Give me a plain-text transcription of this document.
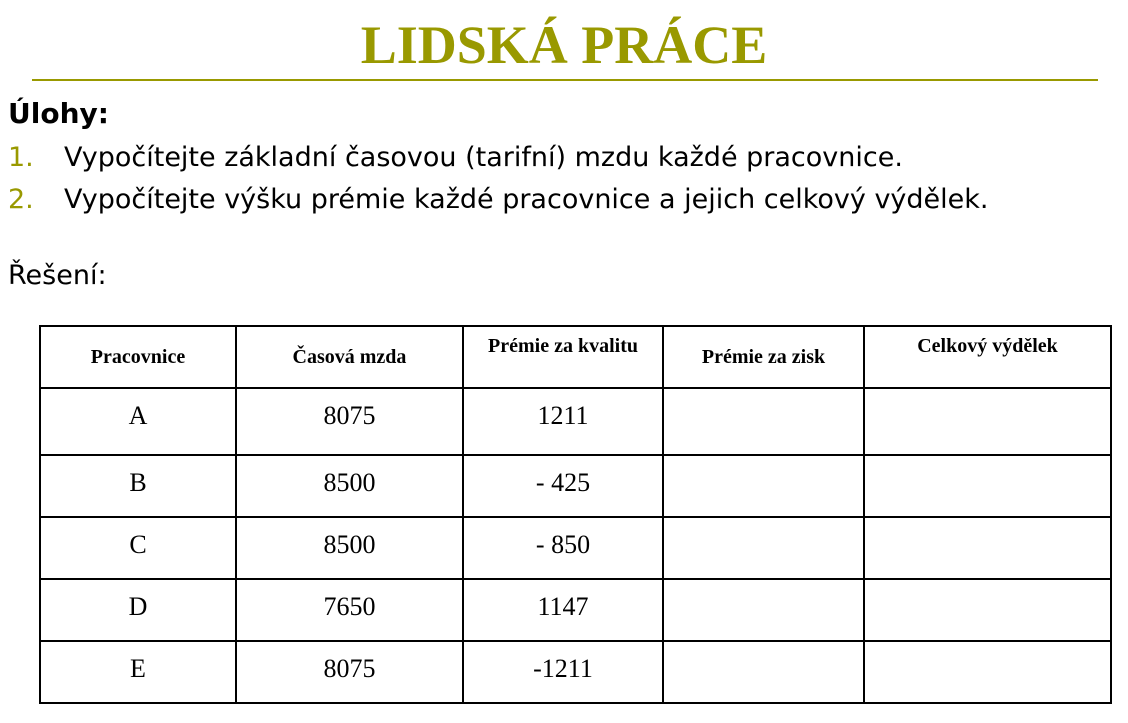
LIDSKÁ PRÁCE
Úlohy:
1. Vypočítejte základní časovou (tarifní) mzdu každé pracovnice.
2. Vypočítejte výšku prémie každé pracovnice a jejich celkový výdělek.
Řešení:
Pracovnice	Časová mzda	Prémie za kvalitu	Prémie za zisk	Celkový výdělek
A	8075	1211		
B	8500	- 425		
C	8500	- 850		
D	7650	1147		
E	8075	-1211		
